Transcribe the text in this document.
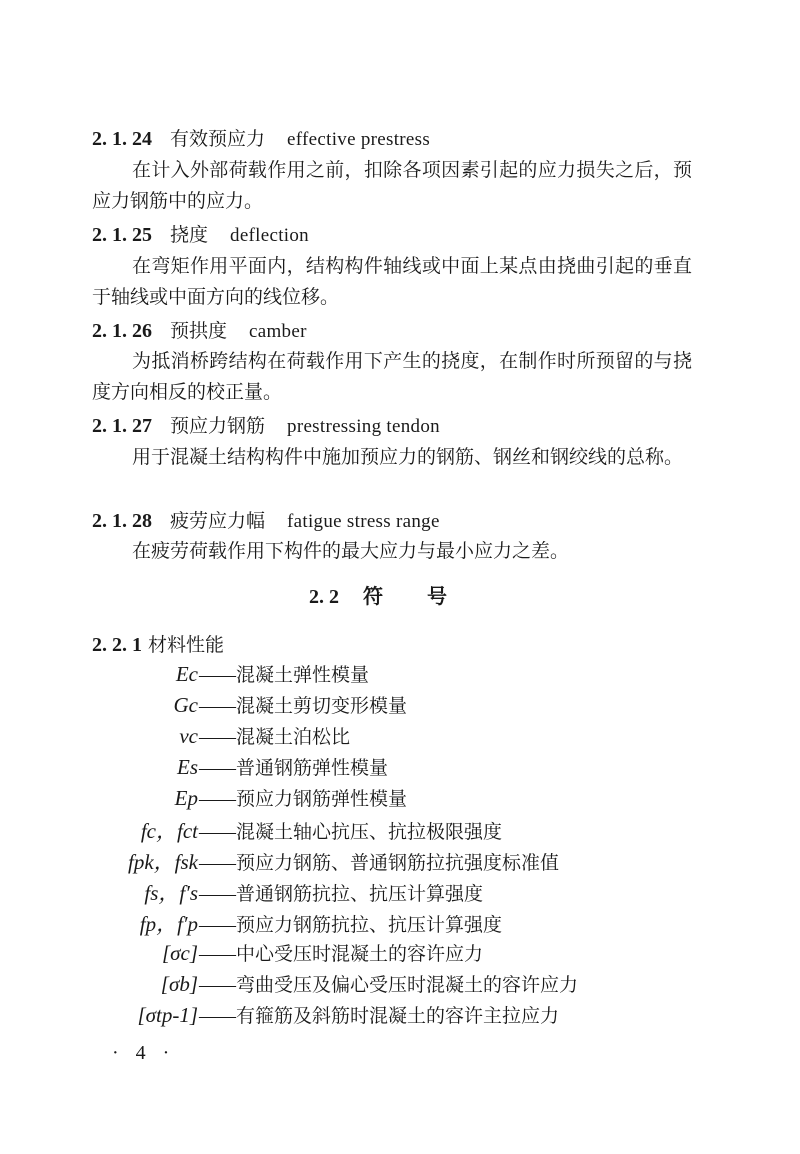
2. 1. 24 有效预应力 effective prestress
在计入外部荷载作用之前，扣除各项因素引起的应力损失之后，预应力钢筋中的应力。
2. 1. 25 挠度 deflection
在弯矩作用平面内，结构构件轴线或中面上某点由挠曲引起的垂直于轴线或中面方向的线位移。
2. 1. 26 预拱度 camber
为抵消桥跨结构在荷载作用下产生的挠度，在制作时所预留的与挠度方向相反的校正量。
2. 1. 27 预应力钢筋 prestressing tendon
用于混凝土结构构件中施加预应力的钢筋、钢丝和钢绞线的总称。
2. 1. 28 疲劳应力幅 fatigue stress range
在疲劳荷载作用下构件的最大应力与最小应力之差。
2. 2 符号
2. 2. 1 材料性能
Ec —— 混凝土弹性模量
Gc —— 混凝土剪切变形模量
νc —— 混凝土泊松比
Es —— 普通钢筋弹性模量
Ep —— 预应力钢筋弹性模量
fc，fct —— 混凝土轴心抗压、抗拉极限强度
fpk，fsk —— 预应力钢筋、普通钢筋拉抗强度标准值
fs，f′s —— 普通钢筋抗拉、抗压计算强度
fp，f′p —— 预应力钢筋抗拉、抗压计算强度
[σc] —— 中心受压时混凝土的容许应力
[σb] —— 弯曲受压及偏心受压时混凝土的容许应力
[σtp-1] —— 有箍筋及斜筋时混凝土的容许主拉应力
· 4 ·
